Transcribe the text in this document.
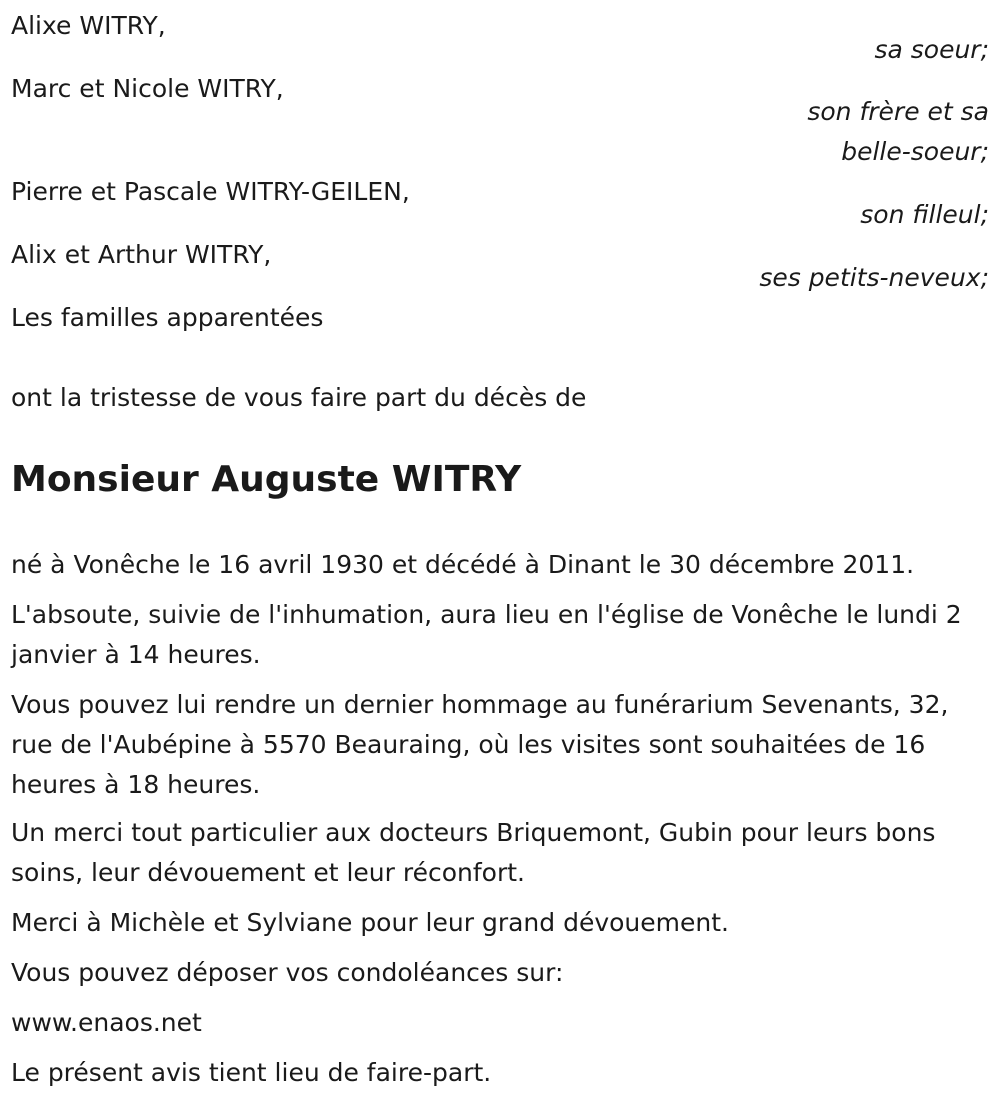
Alixe WITRY,
sa soeur;
Marc et Nicole WITRY,
son frère et sa
belle-soeur;
Pierre et Pascale WITRY-GEILEN,
son filleul;
Alix et Arthur WITRY,
ses petits-neveux;
Les familles apparentées
ont la tristesse de vous faire part du décès de
Monsieur Auguste WITRY
né à Vonêche le 16 avril 1930 et décédé à Dinant le 30 décembre 2011.
L'absoute, suivie de l'inhumation, aura lieu en l'église de Vonêche le lundi 2 janvier à 14 heures.
Vous pouvez lui rendre un dernier hommage au funérarium Sevenants, 32, rue de l'Aubépine à 5570 Beauraing, où les visites sont souhaitées de 16 heures à 18 heures.
Un merci tout particulier aux docteurs Briquemont, Gubin pour leurs bons soins, leur dévouement et leur réconfort.
Merci à Michèle et Sylviane pour leur grand dévouement.
Vous pouvez déposer vos condoléances sur:
www.enaos.net
Le présent avis tient lieu de faire-part.
